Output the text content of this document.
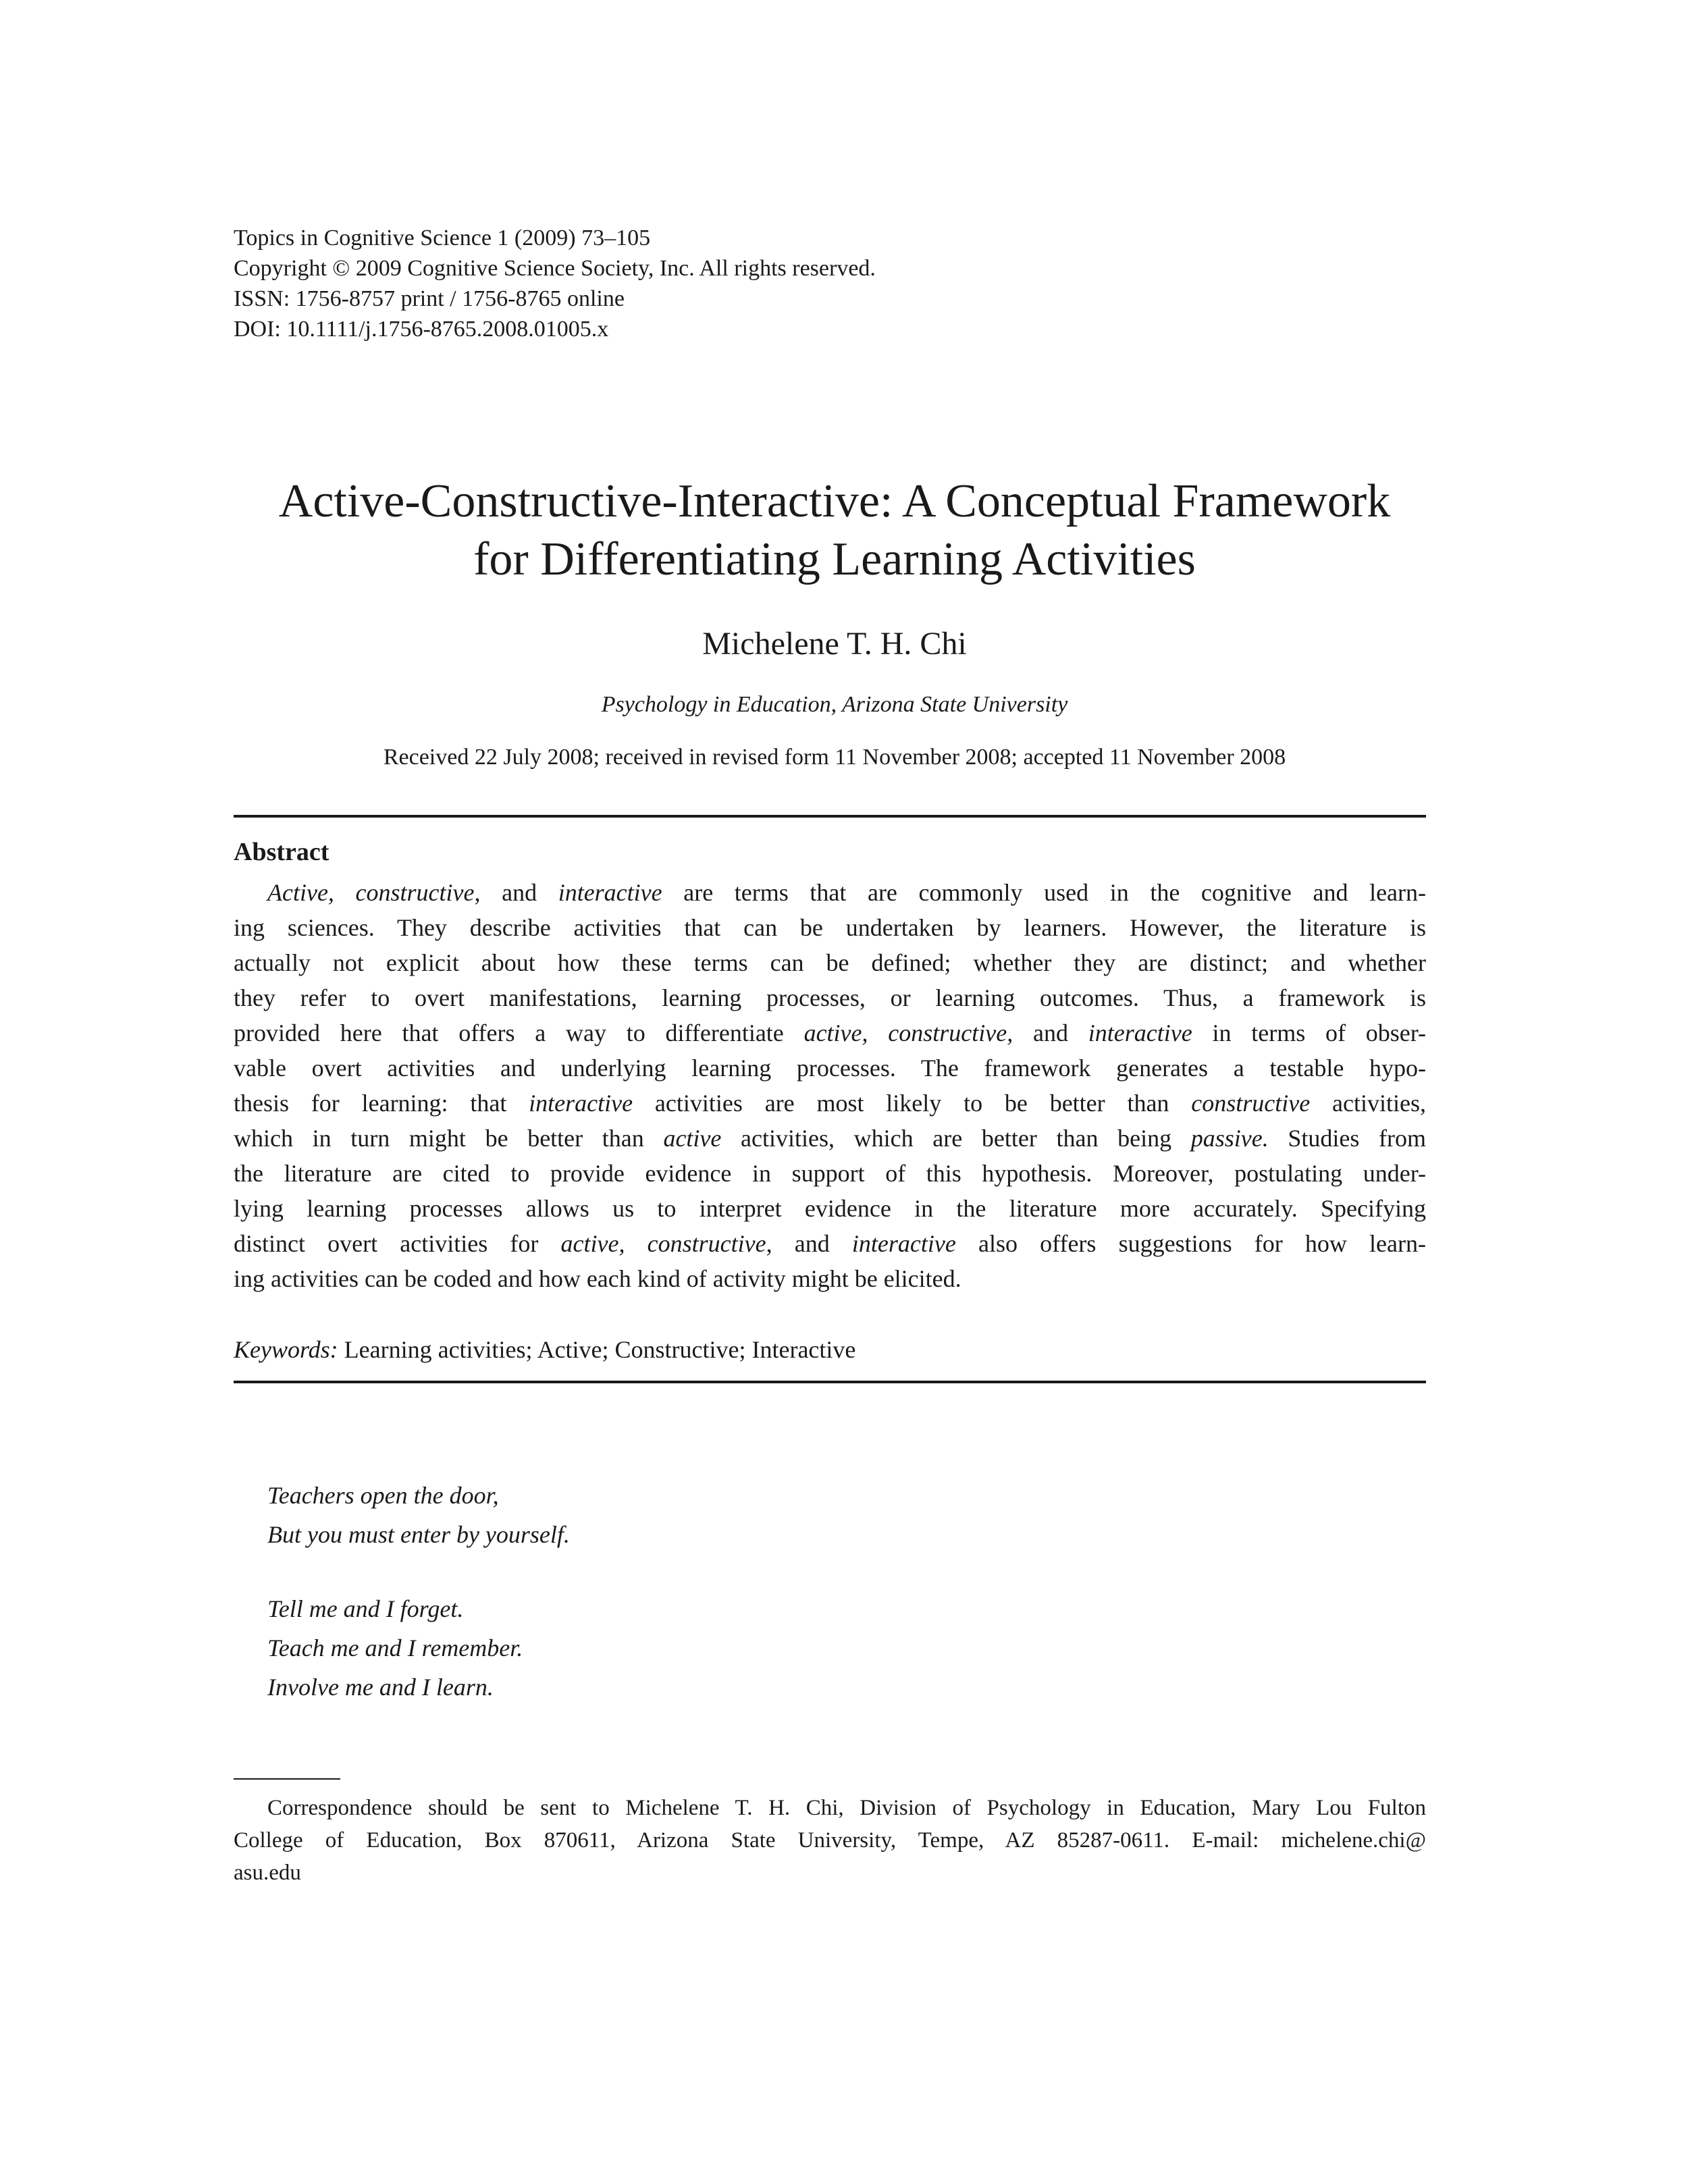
Topics in Cognitive Science 1 (2009) 73–105
Copyright © 2009 Cognitive Science Society, Inc. All rights reserved.
ISSN: 1756-8757 print / 1756-8765 online
DOI: 10.1111/j.1756-8765.2008.01005.x
Active-Constructive-Interactive: A Conceptual Framework
for Differentiating Learning Activities
Michelene T. H. Chi
Psychology in Education, Arizona State University
Received 22 July 2008; received in revised form 11 November 2008; accepted 11 November 2008
Abstract
Active, constructive, and interactive are terms that are commonly used in the cognitive and learn-
ing sciences. They describe activities that can be undertaken by learners. However, the literature is
actually not explicit about how these terms can be defined; whether they are distinct; and whether
they refer to overt manifestations, learning processes, or learning outcomes. Thus, a framework is
provided here that offers a way to differentiate active, constructive, and interactive in terms of obser-
vable overt activities and underlying learning processes. The framework generates a testable hypo-
thesis for learning: that interactive activities are most likely to be better than constructive activities,
which in turn might be better than active activities, which are better than being passive. Studies from
the literature are cited to provide evidence in support of this hypothesis. Moreover, postulating under-
lying learning processes allows us to interpret evidence in the literature more accurately. Specifying
distinct overt activities for active, constructive, and interactive also offers suggestions for how learn-
ing activities can be coded and how each kind of activity might be elicited.
Keywords: Learning activities; Active; Constructive; Interactive
Teachers open the door,
But you must enter by yourself.
Tell me and I forget.
Teach me and I remember.
Involve me and I learn.
Correspondence should be sent to Michelene T. H. Chi, Division of Psychology in Education, Mary Lou Fulton
College of Education, Box 870611, Arizona State University, Tempe, AZ 85287-0611. E-mail: michelene.chi@
asu.edu
